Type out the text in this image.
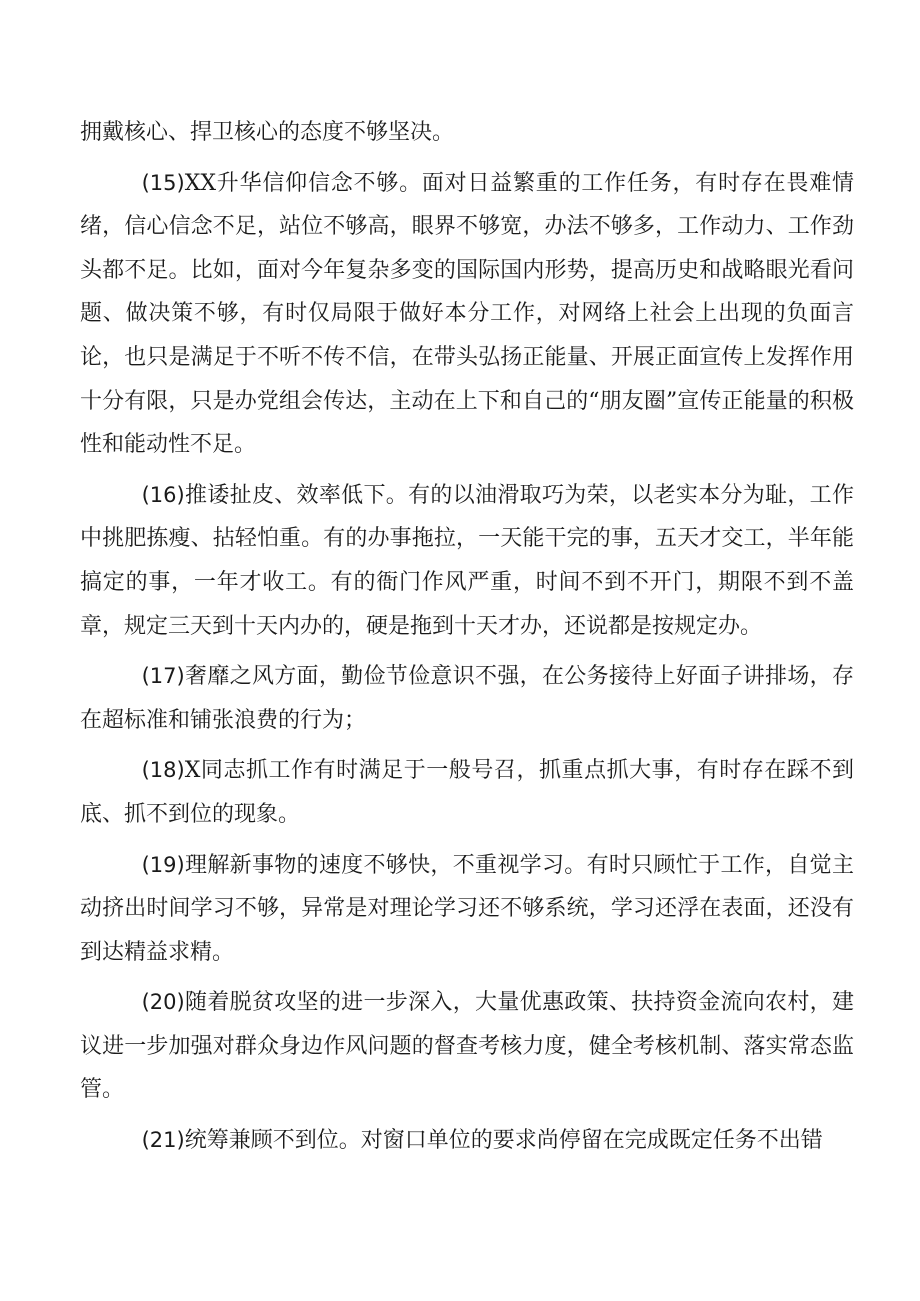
拥戴核心、捍卫核心的态度不够坚决。

(15)XX升华信仰信念不够。面对日益繁重的工作任务，有时存在畏难情绪，信心信念不足，站位不够高，眼界不够宽，办法不够多，工作动力、工作劲头都不足。比如，面对今年复杂多变的国际国内形势，提高历史和战略眼光看问题、做决策不够，有时仅局限于做好本分工作，对网络上社会上出现的负面言论，也只是满足于不听不传不信，在带头弘扬正能量、开展正面宣传上发挥作用十分有限，只是办党组会传达，主动在上下和自己的“朋友圈”宣传正能量的积极性和能动性不足。

(16)推诿扯皮、效率低下。有的以油滑取巧为荣，以老实本分为耻，工作中挑肥拣瘦、拈轻怕重。有的办事拖拉，一天能干完的事，五天才交工，半年能搞定的事，一年才收工。有的衙门作风严重，时间不到不开门，期限不到不盖章，规定三天到十天内办的，硬是拖到十天才办，还说都是按规定办。

(17)奢靡之风方面，勤俭节俭意识不强，在公务接待上好面子讲排场，存在超标准和铺张浪费的行为；

(18)X同志抓工作有时满足于一般号召，抓重点抓大事，有时存在踩不到底、抓不到位的现象。

(19)理解新事物的速度不够快，不重视学习。有时只顾忙于工作，自觉主动挤出时间学习不够，异常是对理论学习还不够系统，学习还浮在表面，还没有到达精益求精。

(20)随着脱贫攻坚的进一步深入，大量优惠政策、扶持资金流向农村，建议进一步加强对群众身边作风问题的督查考核力度，健全考核机制、落实常态监管。

(21)统筹兼顾不到位。对窗口单位的要求尚停留在完成既定任务不出错
